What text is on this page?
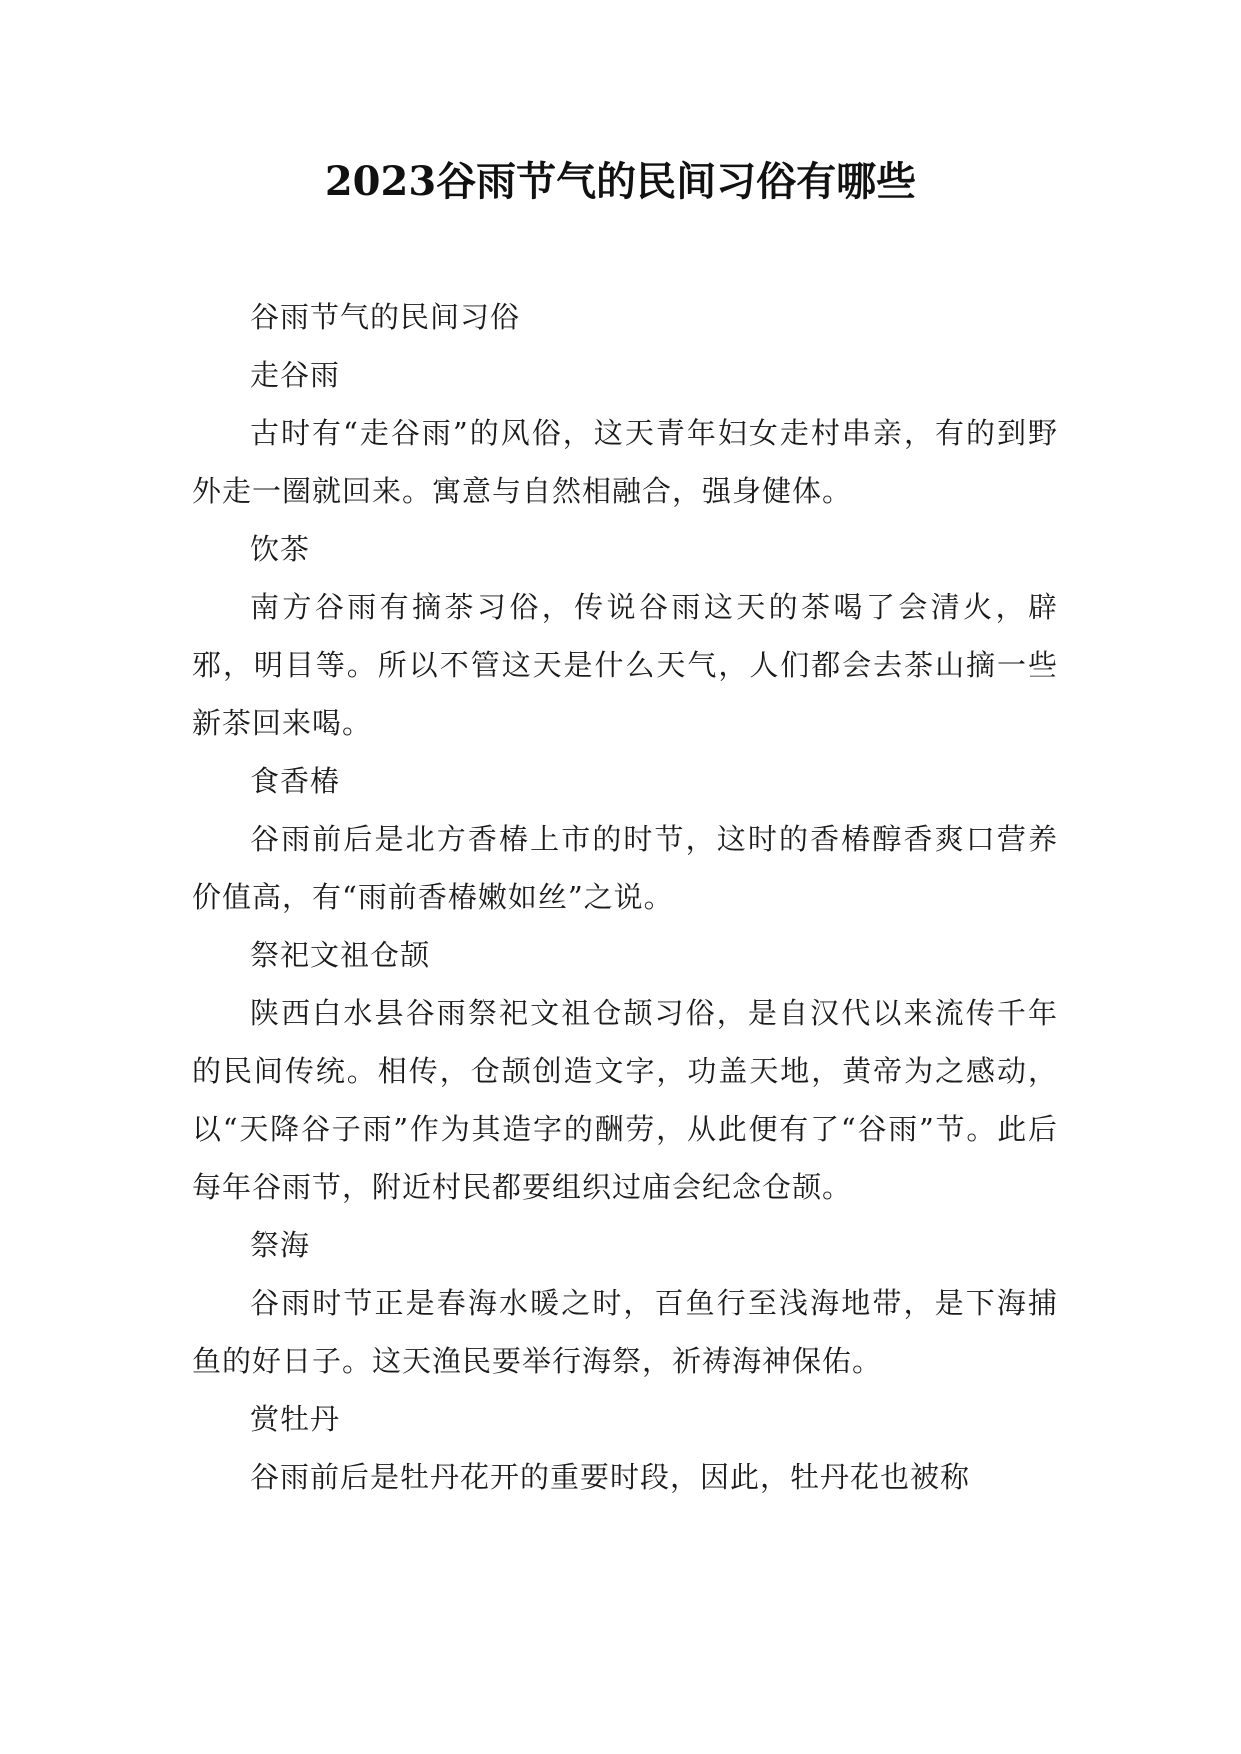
2023谷雨节气的民间习俗有哪些

谷雨节气的民间习俗

走谷雨

古时有“走谷雨”的风俗，这天青年妇女走村串亲，有的到野外走一圈就回来。寓意与自然相融合，强身健体。

饮茶

南方谷雨有摘茶习俗，传说谷雨这天的茶喝了会清火，辟邪，明目等。所以不管这天是什么天气，人们都会去茶山摘一些新茶回来喝。

食香椿

谷雨前后是北方香椿上市的时节，这时的香椿醇香爽口营养价值高，有“雨前香椿嫩如丝”之说。

祭祀文祖仓颉

陕西白水县谷雨祭祀文祖仓颉习俗，是自汉代以来流传千年的民间传统。相传，仓颉创造文字，功盖天地，黄帝为之感动，以“天降谷子雨”作为其造字的酬劳，从此便有了“谷雨”节。此后每年谷雨节，附近村民都要组织过庙会纪念仓颉。

祭海

谷雨时节正是春海水暖之时，百鱼行至浅海地带，是下海捕鱼的好日子。这天渔民要举行海祭，祈祷海神保佑。

赏牡丹

谷雨前后是牡丹花开的重要时段，因此，牡丹花也被称
